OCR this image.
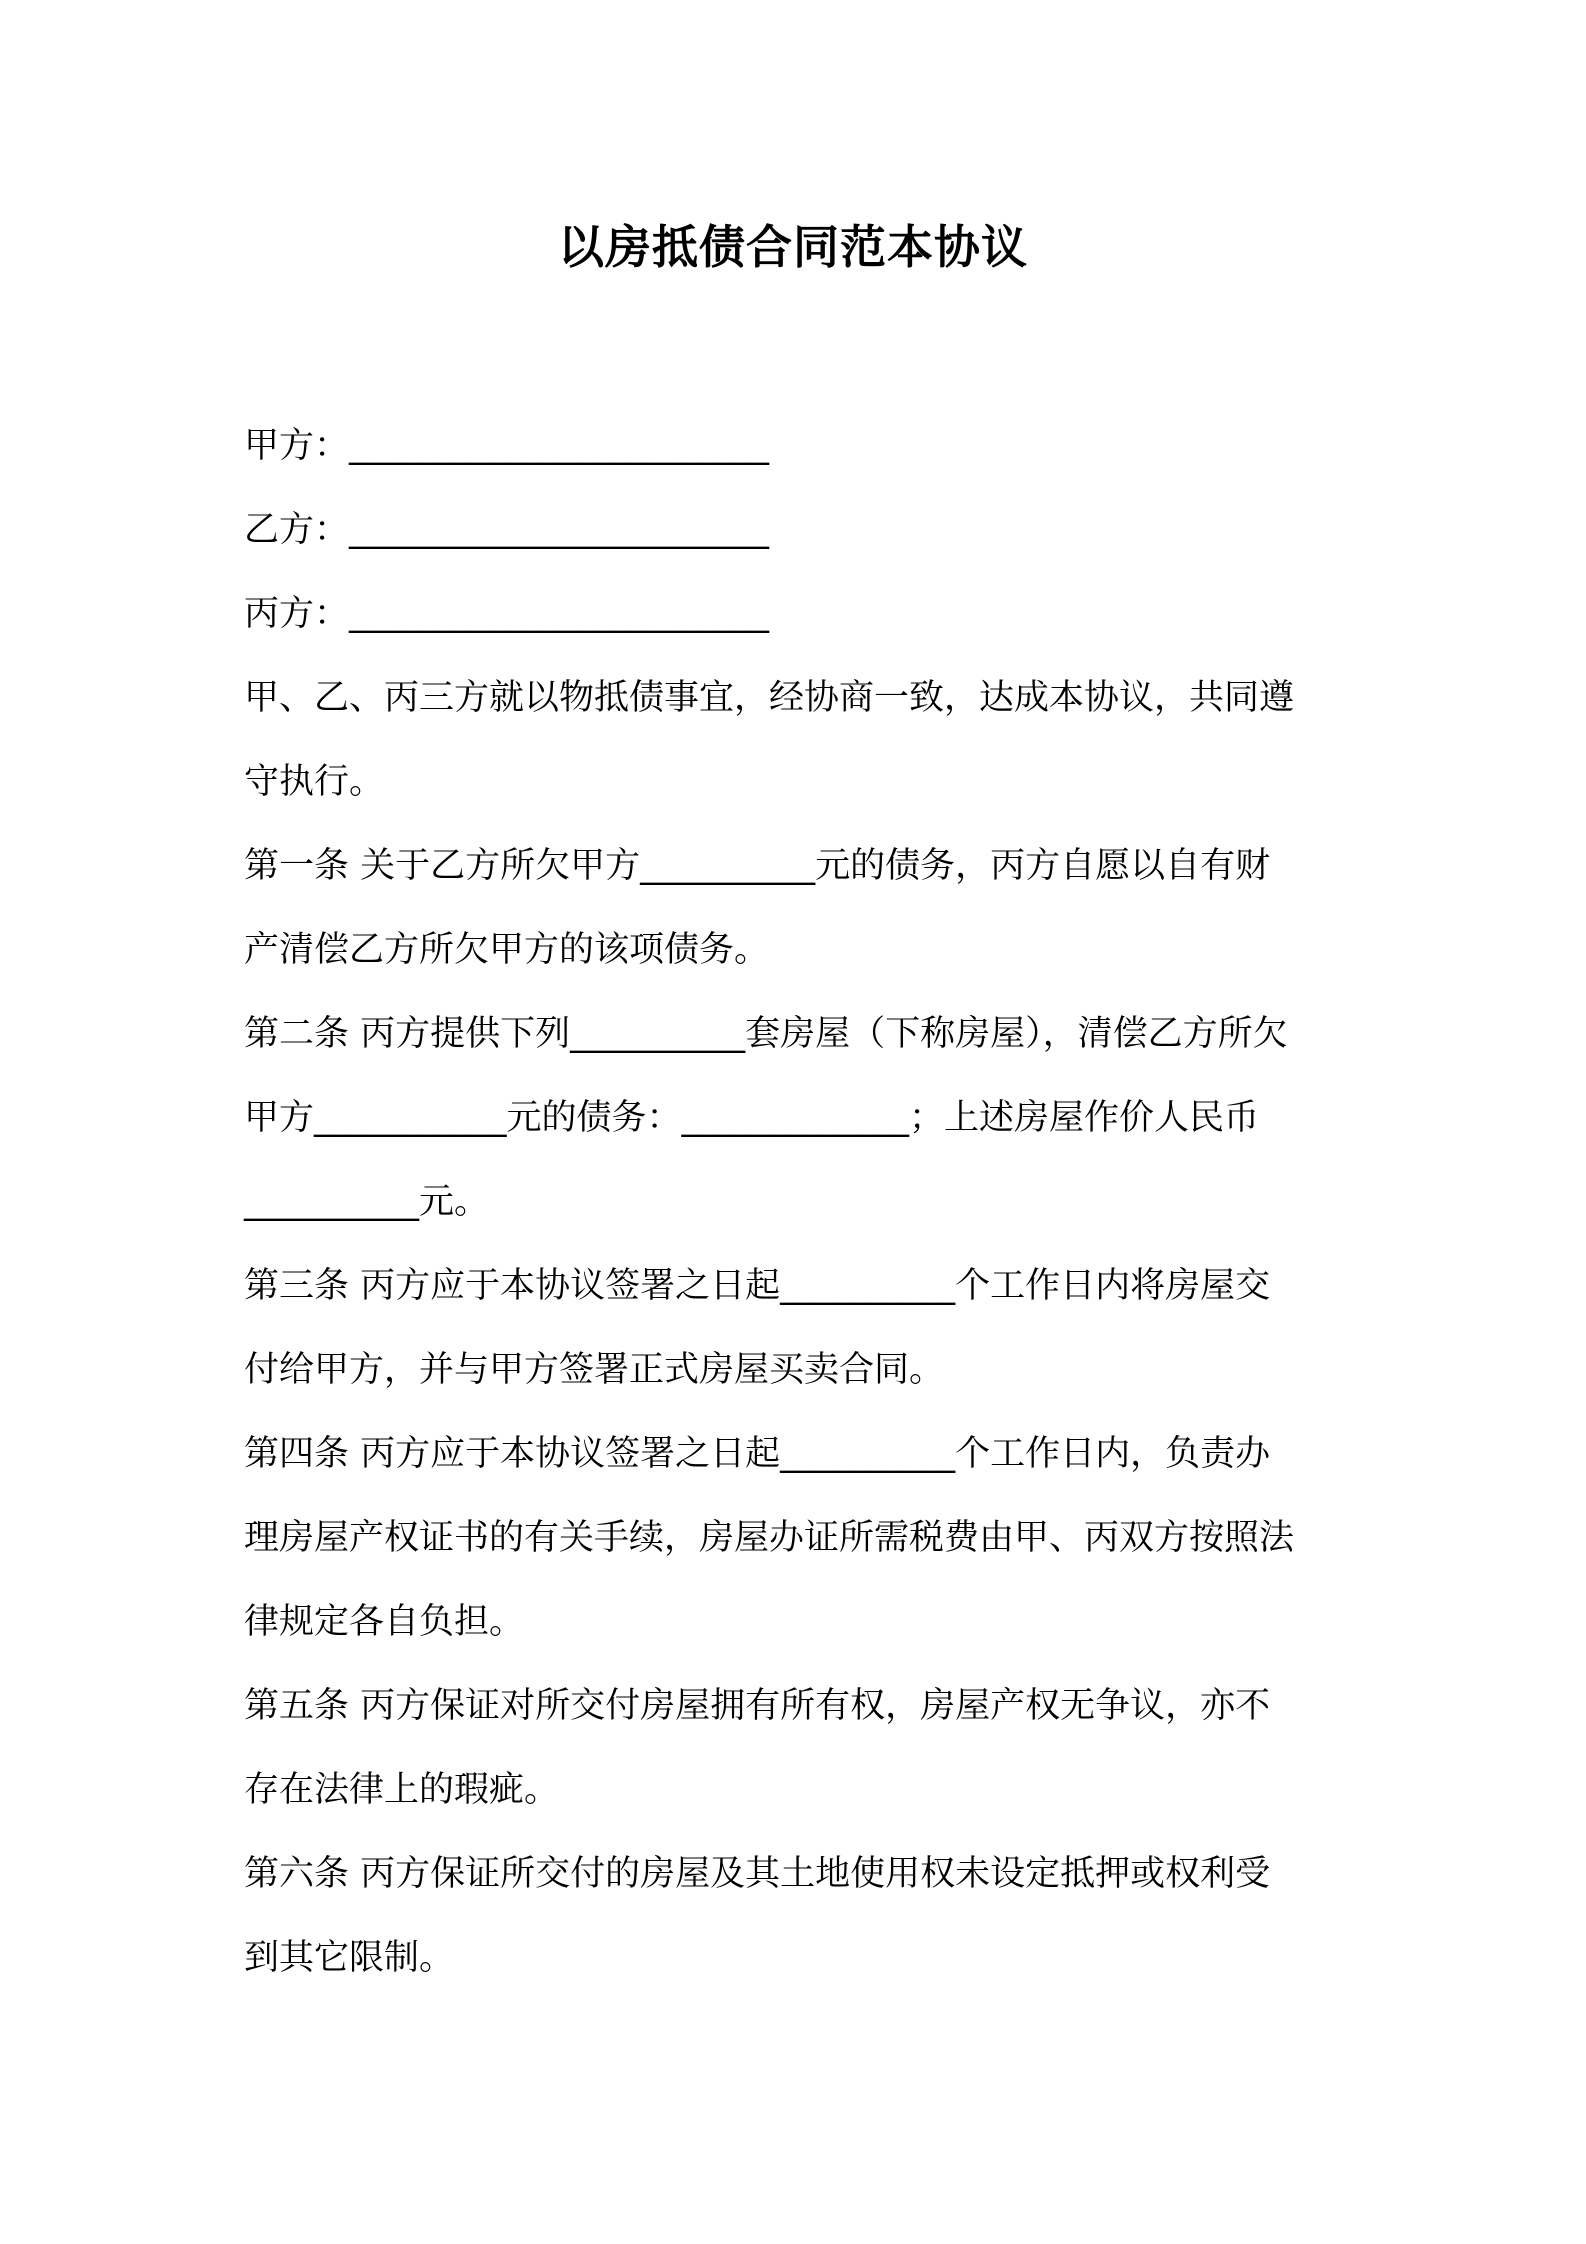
以房抵债合同范本协议
甲方：________________________
乙方：________________________
丙方：________________________
甲、乙、丙三方就以物抵债事宜，经协商一致，达成本协议，共同遵
守执行。
第一条 关于乙方所欠甲方__________元的债务，丙方自愿以自有财
产清偿乙方所欠甲方的该项债务。
第二条 丙方提供下列__________套房屋（下称房屋），清偿乙方所欠
甲方___________元的债务：_____________；上述房屋作价人民币
__________元。
第三条 丙方应于本协议签署之日起__________个工作日内将房屋交
付给甲方，并与甲方签署正式房屋买卖合同。
第四条 丙方应于本协议签署之日起__________个工作日内，负责办
理房屋产权证书的有关手续，房屋办证所需税费由甲、丙双方按照法
律规定各自负担。
第五条 丙方保证对所交付房屋拥有所有权，房屋产权无争议，亦不
存在法律上的瑕疵。
第六条 丙方保证所交付的房屋及其土地使用权未设定抵押或权利受
到其它限制。
